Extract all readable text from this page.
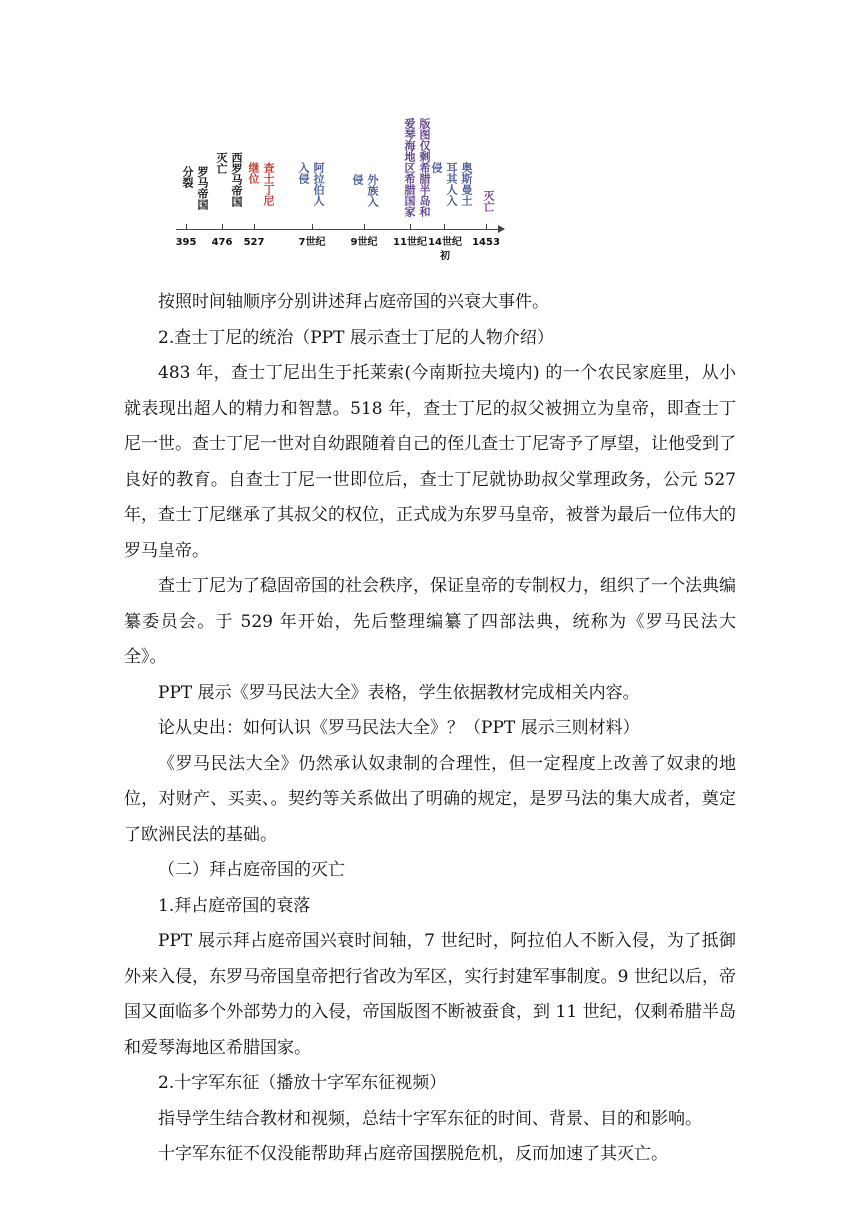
罗马帝国分裂	西罗马帝国灭亡	查士丁尼继位	阿拉伯人入侵
外族入侵	版图仅剩希腊半岛和爱琴海地区希腊国家	奥斯曼土耳其人入侵
灭亡
395	476	527	7世纪	9世纪	11世纪 14世纪初
1453

按照时间轴顺序分别讲述拜占庭帝国的兴衰大事件。

2.查士丁尼的统治（PPT 展示查士丁尼的人物介绍）

483 年，查士丁尼出生于托莱索(今南斯拉夫境内) 的一个农民家庭里，从小就表现出超人的精力和智慧。518 年，查士丁尼的叔父被拥立为皇帝，即查士丁尼一世。查士丁尼一世对自幼跟随着自己的侄儿查士丁尼寄予了厚望，让他受到了良好的教育。自查士丁尼一世即位后，查士丁尼就协助叔父掌理政务，公元 527 年，查士丁尼继承了其叔父的权位，正式成为东罗马皇帝，被誉为最后一位伟大的罗马皇帝。

查士丁尼为了稳固帝国的社会秩序，保证皇帝的专制权力，组织了一个法典编纂委员会。于 529 年开始，先后整理编纂了四部法典，统称为《罗马民法大全》。

PPT 展示《罗马民法大全》表格，学生依据教材完成相关内容。

论从史出：如何认识《罗马民法大全》？（PPT 展示三则材料）

《罗马民法大全》仍然承认奴隶制的合理性，但一定程度上改善了奴隶的地位，对财产、买卖、。契约等关系做出了明确的规定，是罗马法的集大成者，奠定了欧洲民法的基础。

（二）拜占庭帝国的灭亡

1.拜占庭帝国的衰落

PPT 展示拜占庭帝国兴衰时间轴，7 世纪时，阿拉伯人不断入侵，为了抵御外来入侵，东罗马帝国皇帝把行省改为军区，实行封建军事制度。9 世纪以后，帝国又面临多个外部势力的入侵，帝国版图不断被蚕食，到 11 世纪，仅剩希腊半岛和爱琴海地区希腊国家。

2.十字军东征（播放十字军东征视频）

指导学生结合教材和视频，总结十字军东征的时间、背景、目的和影响。

十字军东征不仅没能帮助拜占庭帝国摆脱危机，反而加速了其灭亡。
